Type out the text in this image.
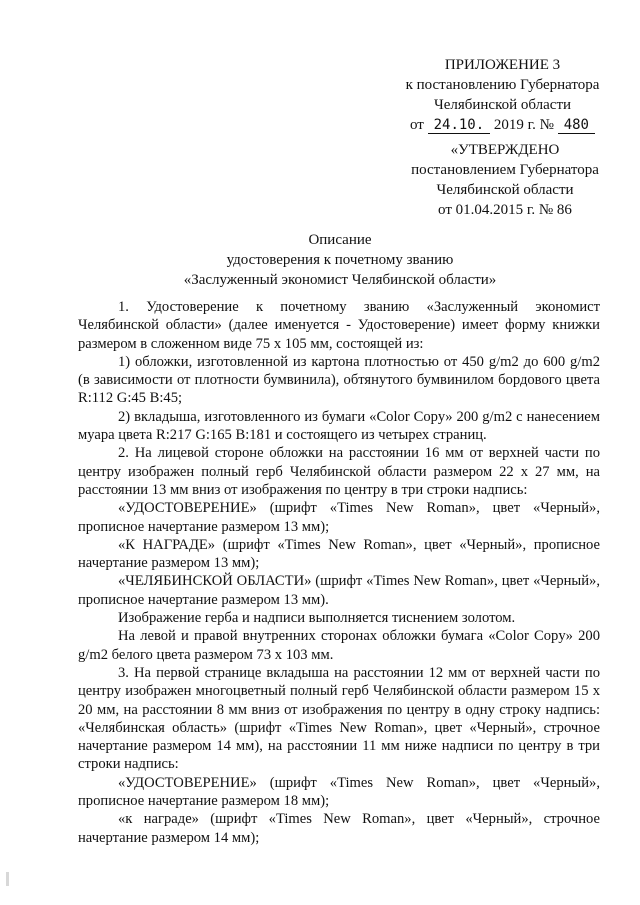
ПРИЛОЖЕНИЕ 3
к постановлению Губернатора
Челябинской области
от 24.10. 2019 г. № 480
«УТВЕРЖДЕНО
постановлением Губернатора
Челябинской области
от 01.04.2015 г. № 86
Описание
удостоверения к почетному званию
«Заслуженный экономист Челябинской области»

1. Удостоверение к почетному званию «Заслуженный экономист Челябинской области» (далее именуется - Удостоверение) имеет форму книжки размером в сложенном виде 75 х 105 мм, состоящей из:

1) обложки, изготовленной из картона плотностью от 450 g/m2 до 600 g/m2 (в зависимости от плотности бумвинила), обтянутого бумвинилом бордового цвета R:112 G:45 B:45;

2) вкладыша, изготовленного из бумаги «Color Copy» 200 g/m2 с нанесением муара цвета R:217 G:165 B:181 и состоящего из четырех страниц.

2. На лицевой стороне обложки на расстоянии 16 мм от верхней части по центру изображен полный герб Челябинской области размером 22 х 27 мм, на расстоянии 13 мм вниз от изображения по центру в три строки надпись:

«УДОСТОВЕРЕНИЕ» (шрифт «Times New Roman», цвет «Черный», прописное начертание размером 13 мм);

«К НАГРАДЕ» (шрифт «Times New Roman», цвет «Черный», прописное начертание размером 13 мм);

«ЧЕЛЯБИНСКОЙ ОБЛАСТИ» (шрифт «Times New Roman», цвет «Черный», прописное начертание размером 13 мм).

Изображение герба и надписи выполняется тиснением золотом.

На левой и правой внутренних сторонах обложки бумага «Color Copy» 200 g/m2 белого цвета размером 73 х 103 мм.

3. На первой странице вкладыша на расстоянии 12 мм от верхней части по центру изображен многоцветный полный герб Челябинской области размером 15 х 20 мм, на расстоянии 8 мм вниз от изображения по центру в одну строку надпись: «Челябинская область» (шрифт «Times New Roman», цвет «Черный», строчное начертание размером 14 мм), на расстоянии 11 мм ниже надписи по центру в три строки надпись:

«УДОСТОВЕРЕНИЕ» (шрифт «Times New Roman», цвет «Черный», прописное начертание размером 18 мм);

«к награде» (шрифт «Times New Roman», цвет «Черный», строчное начертание размером 14 мм);
